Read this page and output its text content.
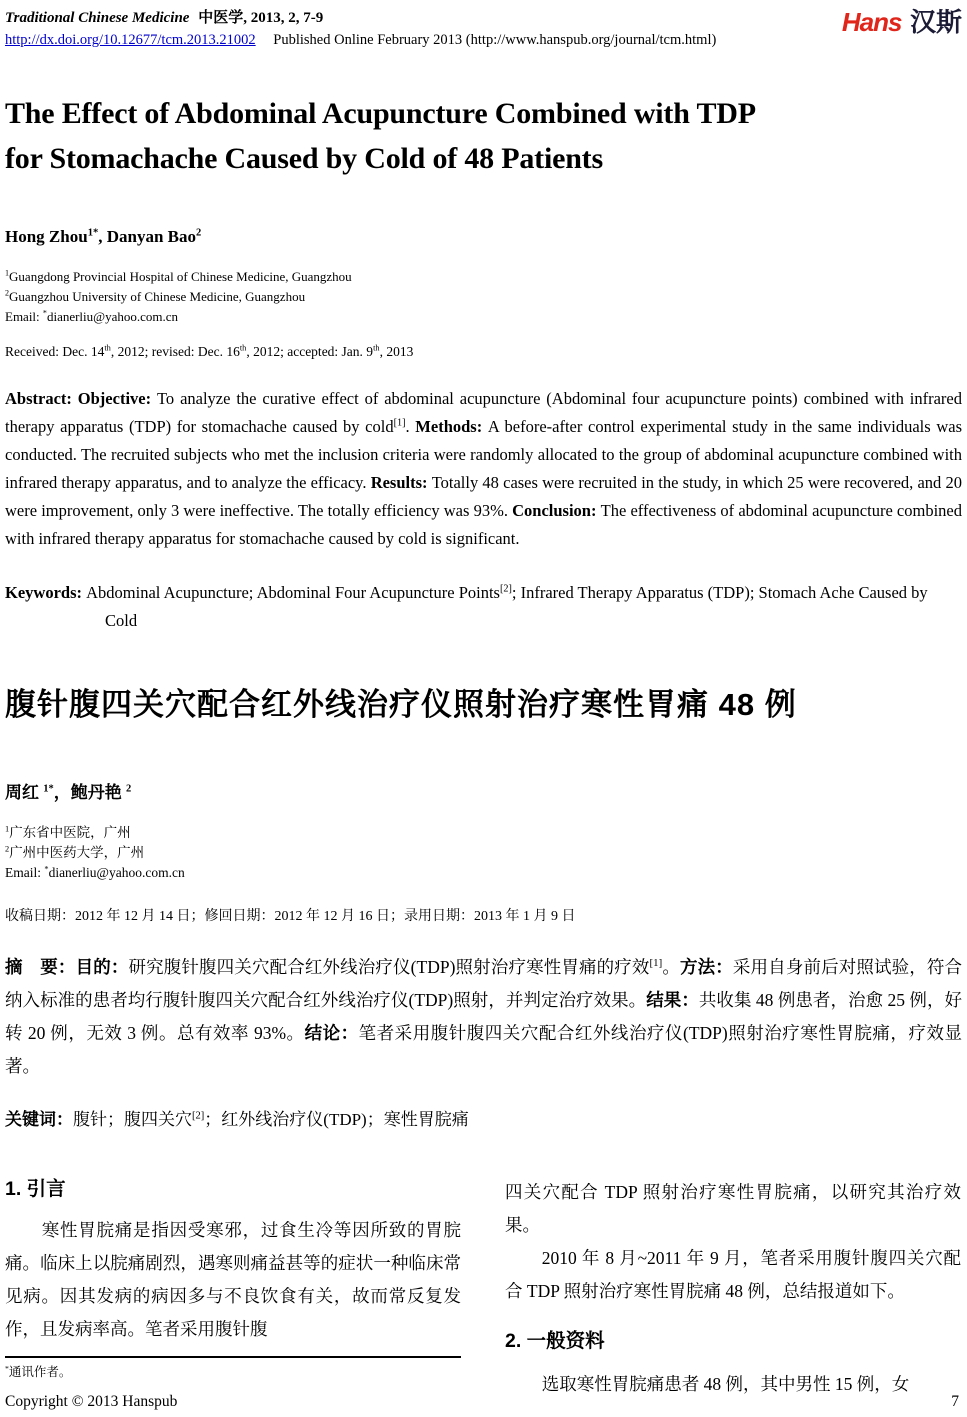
Traditional Chinese Medicine 中医学, 2013, 2, 7-9
http://dx.doi.org/10.12677/tcm.2013.21002 Published Online February 2013 (http://www.hanspub.org/journal/tcm.html)
Hans 汉斯
The Effect of Abdominal Acupuncture Combined with TDP
for Stomachache Caused by Cold of 48 Patients
Hong Zhou$^{1*}$, Danyan Bao$^2$
$^1$Guangdong Provincial Hospital of Chinese Medicine, Guangzhou
$^2$Guangzhou University of Chinese Medicine, Guangzhou
Email: *dianerliu@yahoo.com.cn
Received: Dec. 14th, 2012; revised: Dec. 16th, 2012; accepted: Jan. 9th, 2013

Abstract: Objective: To analyze the curative effect of abdominal acupuncture (Abdominal four acupuncture points) combined with infrared therapy apparatus (TDP) for stomachache caused by cold[1]. Methods: A before-after control experimental study in the same individuals was conducted. The recruited subjects who met the inclusion criteria were randomly allocated to the group of abdominal acupuncture combined with infrared therapy apparatus, and to analyze the efficacy. Results: Totally 48 cases were recruited in the study, in which 25 were recovered, and 20 were improvement, only 3 were ineffective. The totally efficiency was 93%. Conclusion: The effectiveness of abdominal acupuncture combined with infrared therapy apparatus for stomachache caused by cold is significant.

Keywords: Abdominal Acupuncture; Abdominal Four Acupuncture Points[2]; Infrared Therapy Apparatus (TDP); Stomach Ache Caused by Cold

腹针腹四关穴配合红外线治疗仪照射治疗寒性胃痛 48 例
周红 $^{1*}$，鲍丹艳 $^2$
$^1$广东省中医院，广州
$^2$广州中医药大学，广州
Email: *dianerliu@yahoo.com.cn
收稿日期：2012 年 12 月 14 日；修回日期：2012 年 12 月 16 日；录用日期：2013 年 1 月 9 日

摘　要：目的：研究腹针腹四关穴配合红外线治疗仪(TDP)照射治疗寒性胃痛的疗效[1]。方法：采用自身前后对照试验，符合纳入标准的患者均行腹针腹四关穴配合红外线治疗仪(TDP)照射，并判定治疗效果。结果：共收集 48 例患者，治愈 25 例，好转 20 例，无效 3 例。总有效率 93%。结论：笔者采用腹针腹四关穴配合红外线治疗仪(TDP)照射治疗寒性胃脘痛，疗效显著。

关键词：腹针；腹四关穴[2]；红外线治疗仪(TDP)；寒性胃脘痛

1. 引言

寒性胃脘痛是指因受寒邪，过食生冷等因所致的胃脘痛。临床上以脘痛剧烈，遇寒则痛益甚等的症状一种临床常见病。因其发病的病因多与不良饮食有关，故而常反复发作，且发病率高。笔者采用腹针腹

*通讯作者。

四关穴配合 TDP 照射治疗寒性胃脘痛，以研究其治疗效果。

2010 年 8 月~2011 年 9 月，笔者采用腹针腹四关穴配合 TDP 照射治疗寒性胃脘痛 48 例，总结报道如下。

2. 一般资料

选取寒性胃脘痛患者 48 例，其中男性 15 例，女

Copyright © 2013 Hanspub	7
